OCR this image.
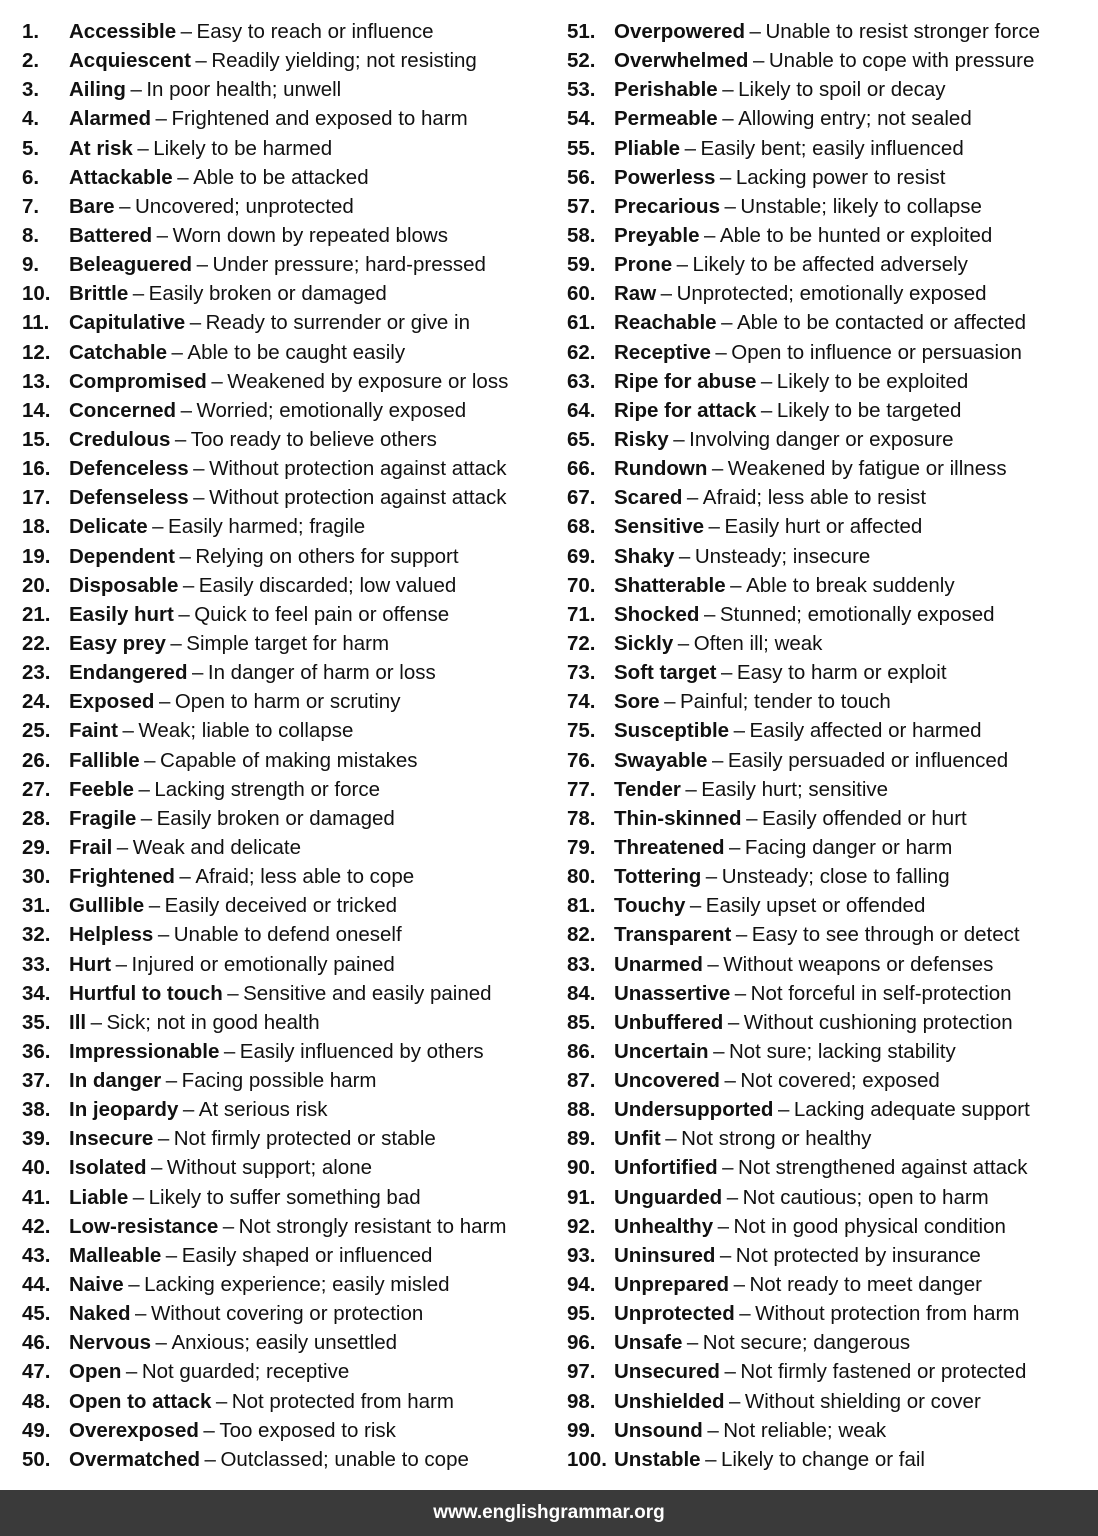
1.	Accessible – Easy to reach or influence
2.	Acquiescent – Readily yielding; not resisting
3.	Ailing – In poor health; unwell
4.	Alarmed – Frightened and exposed to harm
5.	At risk – Likely to be harmed
6.	Attackable – Able to be attacked
7.	Bare – Uncovered; unprotected
8.	Battered – Worn down by repeated blows
9.	Beleaguered – Under pressure; hard-pressed
10. Brittle – Easily broken or damaged
11. Capitulative – Ready to surrender or give in
12. Catchable – Able to be caught easily
13. Compromised – Weakened by exposure or loss
14. Concerned – Worried; emotionally exposed
15. Credulous – Too ready to believe others
16. Defenceless – Without protection against attack
17. Defenseless – Without protection against attack
18. Delicate – Easily harmed; fragile
19. Dependent – Relying on others for support
20. Disposable – Easily discarded; low valued
21. Easily hurt – Quick to feel pain or offense
22. Easy prey – Simple target for harm
23. Endangered – In danger of harm or loss
24. Exposed – Open to harm or scrutiny
25. Faint – Weak; liable to collapse
26. Fallible – Capable of making mistakes
27. Feeble – Lacking strength or force
28. Fragile – Easily broken or damaged
29. Frail – Weak and delicate
30. Frightened – Afraid; less able to cope
31. Gullible – Easily deceived or tricked
32. Helpless – Unable to defend oneself
33. Hurt – Injured or emotionally pained
34. Hurtful to touch – Sensitive and easily pained
35. Ill – Sick; not in good health
36. Impressionable – Easily influenced by others
37. In danger – Facing possible harm
38. In jeopardy – At serious risk
39. Insecure – Not firmly protected or stable
40. Isolated – Without support; alone
41. Liable – Likely to suffer something bad
42. Low-resistance – Not strongly resistant to harm
43. Malleable – Easily shaped or influenced
44. Naive – Lacking experience; easily misled
45. Naked – Without covering or protection
46. Nervous – Anxious; easily unsettled
47. Open – Not guarded; receptive
48. Open to attack – Not protected from harm
49. Overexposed – Too exposed to risk
50. Overmatched – Outclassed; unable to cope
51. Overpowered – Unable to resist stronger force
52. Overwhelmed – Unable to cope with pressure
53. Perishable – Likely to spoil or decay
54. Permeable – Allowing entry; not sealed
55. Pliable – Easily bent; easily influenced
56. Powerless – Lacking power to resist
57. Precarious – Unstable; likely to collapse
58. Preyable – Able to be hunted or exploited
59. Prone – Likely to be affected adversely
60. Raw – Unprotected; emotionally exposed
61. Reachable – Able to be contacted or affected
62. Receptive – Open to influence or persuasion
63. Ripe for abuse – Likely to be exploited
64. Ripe for attack – Likely to be targeted
65. Risky – Involving danger or exposure
66. Rundown – Weakened by fatigue or illness
67. Scared – Afraid; less able to resist
68. Sensitive – Easily hurt or affected
69. Shaky – Unsteady; insecure
70. Shatterable – Able to break suddenly
71. Shocked – Stunned; emotionally exposed
72. Sickly – Often ill; weak
73. Soft target – Easy to harm or exploit
74. Sore – Painful; tender to touch
75. Susceptible – Easily affected or harmed
76. Swayable – Easily persuaded or influenced
77. Tender – Easily hurt; sensitive
78. Thin-skinned – Easily offended or hurt
79. Threatened – Facing danger or harm
80. Tottering – Unsteady; close to falling
81. Touchy – Easily upset or offended
82. Transparent – Easy to see through or detect
83. Unarmed – Without weapons or defenses
84. Unassertive – Not forceful in self-protection
85. Unbuffered – Without cushioning protection
86. Uncertain – Not sure; lacking stability
87. Uncovered – Not covered; exposed
88. Undersupported – Lacking adequate support
89. Unfit – Not strong or healthy
90. Unfortified – Not strengthened against attack
91. Unguarded – Not cautious; open to harm
92. Unhealthy – Not in good physical condition
93. Uninsured – Not protected by insurance
94. Unprepared – Not ready to meet danger
95. Unprotected – Without protection from harm
96. Unsafe – Not secure; dangerous
97. Unsecured – Not firmly fastened or protected
98. Unshielded – Without shielding or cover
99. Unsound – Not reliable; weak
100. Unstable – Likely to change or fail
www.englishgrammar.org
